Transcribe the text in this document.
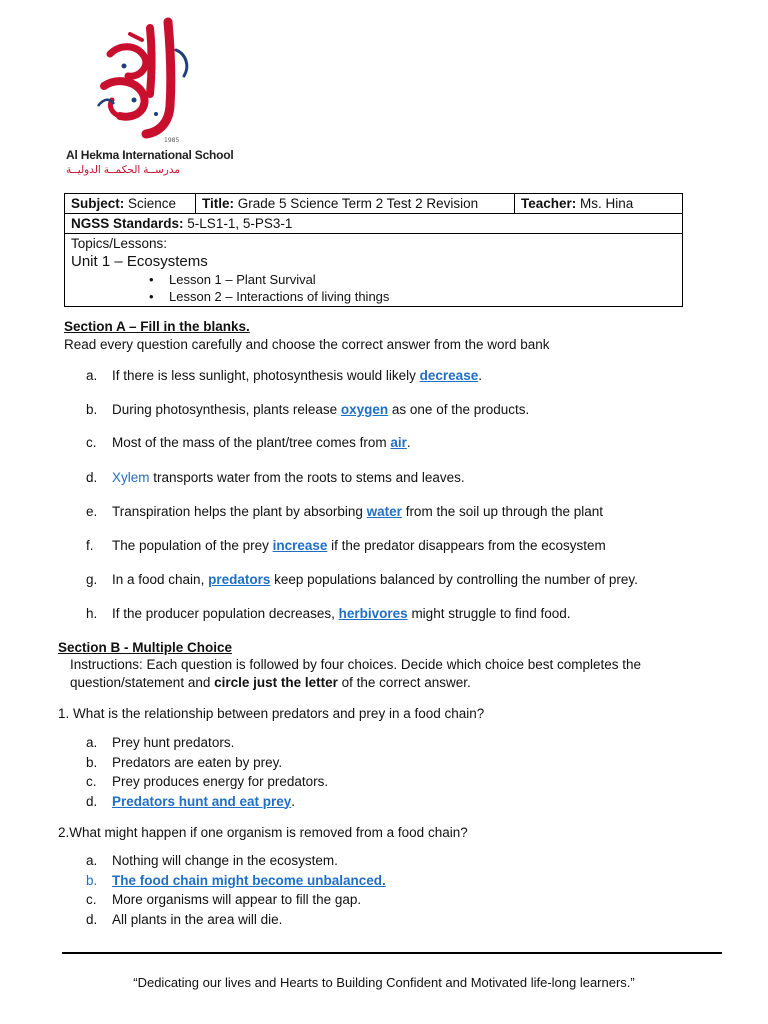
1985
Al Hekma International School
مدرســة الحكمــة الدوليــة
Subject: Science	Title: Grade 5 Science Term 2 Test 2 Revision	Teacher: Ms. Hina
NGSS Standards: 5-LS1-1, 5-PS3-1

Topics/Lessons:
Unit 1 – Ecosystems
• Lesson 1 – Plant Survival
• Lesson 2 – Interactions of living things
Section A – Fill in the blanks.
Read every question carefully and choose the correct answer from the word bank
a. If there is less sunlight, photosynthesis would likely decrease.
b. During photosynthesis, plants release oxygen as one of the products.
c. Most of the mass of the plant/tree comes from air.
d. Xylem transports water from the roots to stems and leaves.
e. Transpiration helps the plant by absorbing water from the soil up through the plant
f. The population of the prey increase if the predator disappears from the ecosystem
g. In a food chain, predators keep populations balanced by controlling the number of prey.
h. If the producer population decreases, herbivores might struggle to find food.
Section B - Multiple Choice
Instructions: Each question is followed by four choices. Decide which choice best completes the
question/statement and circle just the letter of the correct answer.
1. What is the relationship between predators and prey in a food chain?
a. Prey hunt predators.
b. Predators are eaten by prey.
c. Prey produces energy for predators.
d. Predators hunt and eat prey.
2.What might happen if one organism is removed from a food chain?
a. Nothing will change in the ecosystem.
b. The food chain might become unbalanced.
c. More organisms will appear to fill the gap.
d. All plants in the area will die.
“Dedicating our lives and Hearts to Building Confident and Motivated life-long learners.”
